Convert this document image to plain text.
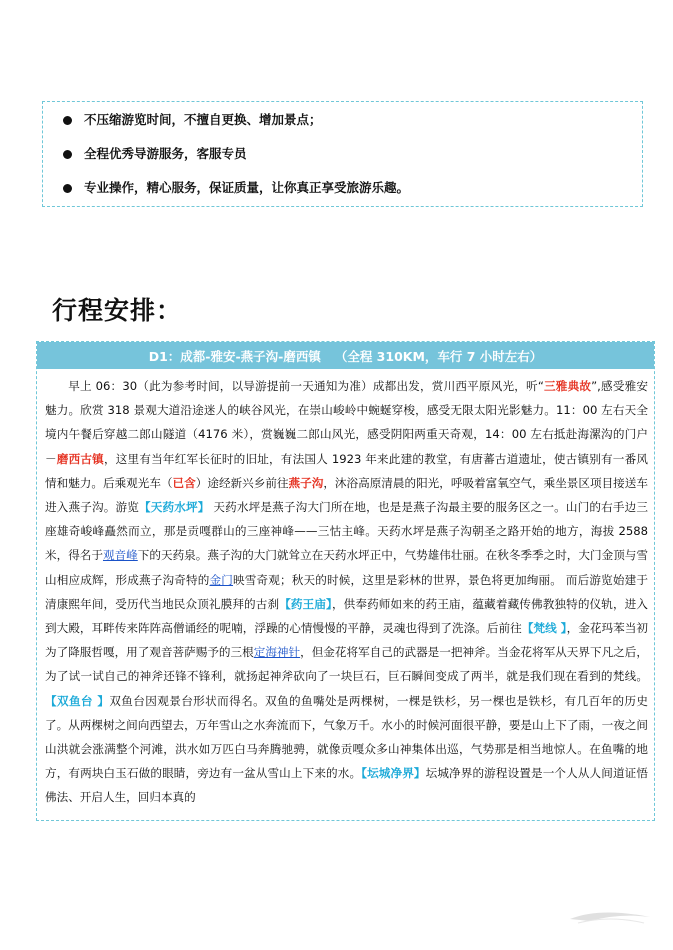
不压缩游览时间，不擅自更换、增加景点；
全程优秀导游服务，客服专员
专业操作，精心服务，保证质量，让你真正享受旅游乐趣。
行程安排：
D1：成都-雅安-燕子沟-磨西镇 （全程 310KM，车行 7 小时左右）

早上 06：30（此为参考时间，以导游提前一天通知为准）成都出发，赏川西平原风光，听“三雅典故”,感受雅安魅力。欣赏 318 景观大道沿途迷人的峡谷风光，在崇山峻岭中蜿蜒穿梭，感受无限太阳光影魅力。11：00 左右天全境内午餐后穿越二郎山隧道（4176 米），赏巍巍二郎山风光，感受阴阳两重天奇观，14：00 左右抵赴海漯沟的门户－磨西古镇，这里有当年红军长征时的旧址，有法国人 1923 年来此建的教堂，有唐蕃古道遗址，使古镇别有一番风情和魅力。后乘观光车（已含）途经新兴乡前往燕子沟，沐浴高原清晨的阳光，呼吸着富氧空气，乘坐景区项目接送车进入燕子沟。游览【天药水坪】 天药水坪是燕子沟大门所在地，也是是燕子沟最主要的服务区之一。山门的右手边三座雄奇峻峰矗然而立，那是贡嘎群山的三座神峰——三怙主峰。天药水坪是燕子沟朝圣之路开始的地方，海拔 2588 米，得名于观音峰下的天药泉。燕子沟的大门就耸立在天药水坪正中，气势雄伟壮丽。在秋冬季季之时，大门金顶与雪山相应成辉，形成燕子沟奇特的金门映雪奇观；秋天的时候，这里是彩林的世界，景色将更加绚丽。 而后游览始建于清康熙年间，受历代当地民众顶礼膜拜的古刹【药王庙】，供奉药师如来的药王庙，蕴藏着藏传佛教独特的仪轨，进入到大殿，耳畔传来阵阵高僧诵经的呢喃，浮躁的心情慢慢的平静，灵魂也得到了洗涤。后前往【梵线 】，金花玛苯当初为了降服哲嘎，用了观音菩萨赐予的三根定海神针，但金花将军自己的武器是一把神斧。当金花将军从天界下凡之后，为了试一试自己的神斧还锋不锋利，就扬起神斧砍向了一块巨石，巨石瞬间变成了两半，就是我们现在看到的梵线。【双鱼台 】双鱼台因观景台形状而得名。双鱼的鱼嘴处是两棵树，一棵是铁杉，另一棵也是铁杉，有几百年的历史了。从两棵树之间向西望去，万年雪山之水奔流而下，气象万千。水小的时候河面很平静，要是山上下了雨，一夜之间山洪就会涨满整个河滩，洪水如万匹白马奔腾驰骋，就像贡嘎众多山神集体出巡，气势那是相当地惊人。在鱼嘴的地方，有两块白玉石做的眼睛，旁边有一盆从雪山上下来的水。【坛城净界】坛城净界的游程设置是一个人从人间道证悟佛法、开启人生，回归本真的
